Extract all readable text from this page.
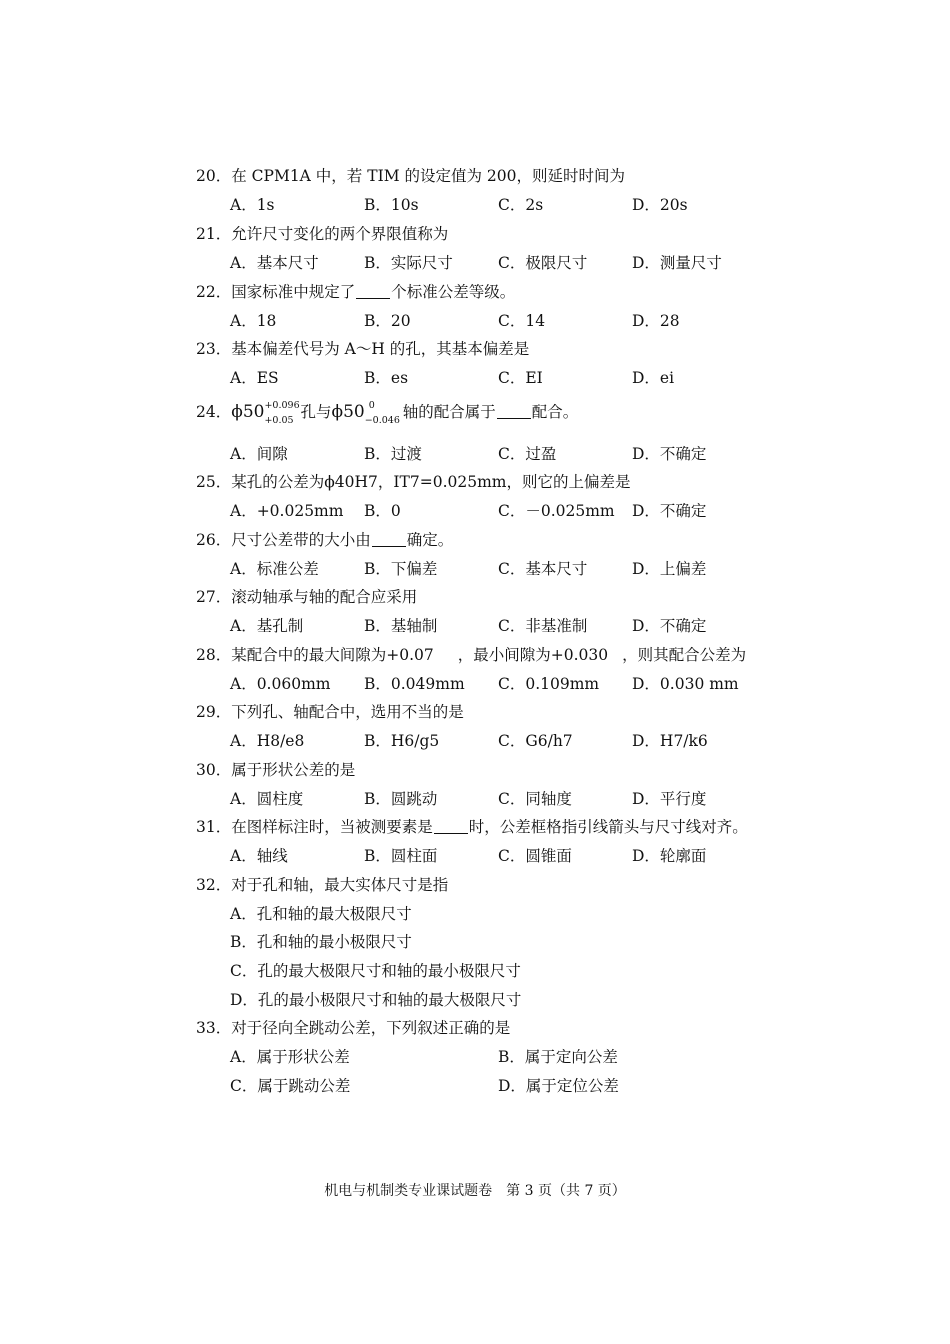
20．在 CPM1A 中，若 TIM 的设定值为 200，则延时时间为
A．1s	B．10s	C．2s	D．20s
21．允许尺寸变化的两个界限值称为
A．基本尺寸	B．实际尺寸	C．极限尺寸	D．测量尺寸
22．国家标准中规定了 个标准公差等级。
A．18	B．20	C．14	D．28
23．基本偏差代号为 A～H 的孔，其基本偏差是
A．ES	B．es	C．EI	D．ei
24．ϕ50 +0.096
+0.05 孔与ϕ50 0
−0.046 轴的配合属于 配合。
A．间隙	B．过渡	C．过盈	D．不确定
25．某孔的公差为ϕ40H7，IT7=0.025mm，则它的上偏差是
A．+0.025mm B．0	C．－0.025mm D．不确定
26．尺寸公差带的大小由 确定。
A．标准公差	B．下偏差	C．基本尺寸	D．上偏差
27．滚动轴承与轴的配合应采用
A．基孔制	B．基轴制	C．非基准制	D．不确定
28．某配合中的最大间隙为+0.07 ，最小间隙为+0.030 ，则其配合公差为
A．0.060mm B．0.049mm C．0.109mm D．0.030 mm
29．下列孔、轴配合中，选用不当的是
A．H8/e8	B．H6/g5	C．G6/h7	D．H7/k6
30．属于形状公差的是
A．圆柱度	B．圆跳动	C．同轴度	D．平行度
31．在图样标注时，当被测要素是 时，公差框格指引线箭头与尺寸线对齐。
A．轴线	B．圆柱面	C．圆锥面	D．轮廓面
32．对于孔和轴，最大实体尺寸是指
A．孔和轴的最大极限尺寸
B．孔和轴的最小极限尺寸
C．孔的最大极限尺寸和轴的最小极限尺寸
D．孔的最小极限尺寸和轴的最大极限尺寸
33．对于径向全跳动公差，下列叙述正确的是
A．属于形状公差	B．属于定向公差
C．属于跳动公差	D．属于定位公差
机电与机制类专业课试题卷　第 3 页（共 7 页）
